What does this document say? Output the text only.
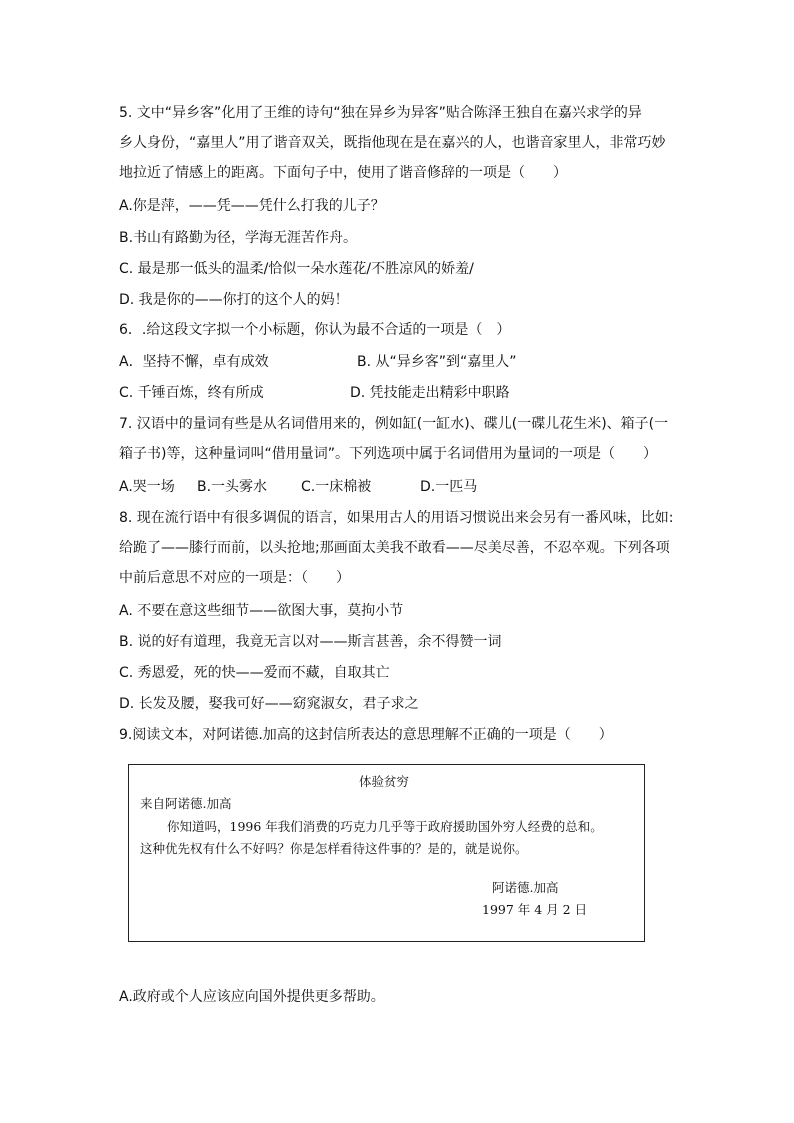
5. 文中“异乡客”化用了王维的诗句“独在异乡为异客”贴合陈泽王独自在嘉兴求学的异
乡人身份，“嘉里人”用了谐音双关，既指他现在是在嘉兴的人，也谐音家里人，非常巧妙
地拉近了情感上的距离。下面句子中，使用了谐音修辞的一项是（　　）
A.你是萍，——凭——凭什么打我的儿子？
B.书山有路勤为径，学海无涯苦作舟。
C. 最是那一低头的温柔/恰似一朵水莲花/不胜凉风的娇羞/
D. 我是你的——你打的这个人的妈！
6．.给这段文字拟一个小标题，你认为最不合适的一项是（　）
A．坚持不懈，卓有成效	B. 从“异乡客”到“嘉里人”
C. 千锤百炼，终有所成	D. 凭技能走出精彩中职路
7. 汉语中的量词有些是从名词借用来的，例如缸(一缸水)、碟儿(一碟儿花生米)、箱子(一
箱子书)等，这种量词叫“借用量词”。下列选项中属于名词借用为量词的一项是（　　）
A.哭一场	B.一头雾水	C.一床棉被	D.一匹马
8. 现在流行语中有很多调侃的语言，如果用古人的用语习惯说出来会另有一番风味，比如:
给跪了——膝行而前，以头抢地;那画面太美我不敢看——尽美尽善，不忍卒观。下列各项
中前后意思不对应的一项是：（　　）
A. 不要在意这些细节——欲图大事，莫拘小节
B. 说的好有道理，我竟无言以对——斯言甚善，余不得赞一词
C. 秀恩爱，死的快——爱而不藏，自取其亡
D. 长发及腰，娶我可好——窈窕淑女，君子求之
9.阅读文本，对阿诺德.加高的这封信所表达的意思理解不正确的一项是（　　）
体验贫穷
来自阿诺德.加高
你知道吗，1996 年我们消费的巧克力几乎等于政府援助国外穷人经费的总和。
这种优先权有什么不好吗？你是怎样看待这件事的？是的，就是说你。
阿诺德.加高
1997 年 4 月 2 日
A.政府或个人应该应向国外提供更多帮助。
